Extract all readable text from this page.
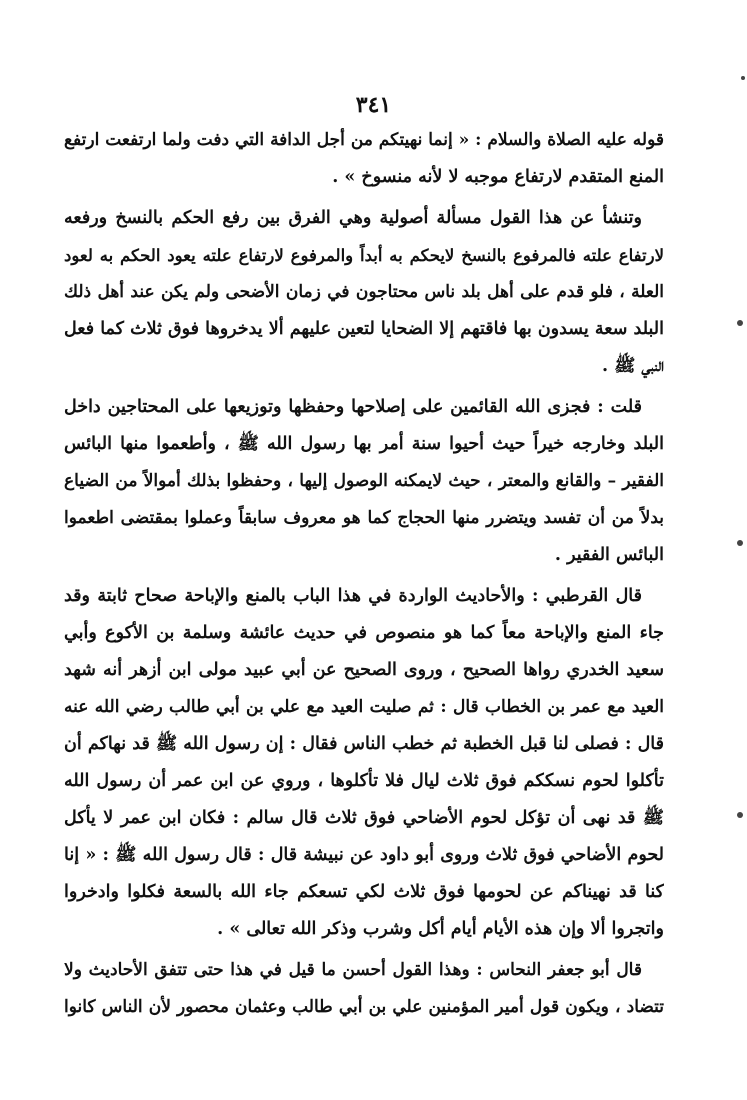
٣٤١

قوله عليه الصلاة والسلام : « إنما نهيتكم من أجل الدافة التي دفت ولما ارتفعت ارتفع
المنع المتقدم لارتفاع موجبه لا لأنه منسوخ » .

وتنشأ عن هذا القول مسألة أصولية وهي الفرق بين رفع الحكم بالنسخ ورفعه
لارتفاع علته فالمرفوع بالنسخ لايحكم به أبداً والمرفوع لارتفاع علته يعود الحكم به لعود
العلة ، فلو قدم على أهل بلد ناس محتاجون في زمان الأضحى ولم يكن عند أهل ذلك
البلد سعة يسدون بها فاقتهم إلا الضحايا لتعين عليهم ألا يدخروها فوق ثلاث كما فعل
النبي ﷺ .

قلت : فجزى الله القائمين على إصلاحها وحفظها وتوزيعها على المحتاجين داخل
البلد وخارجه خيراً حيث أحيوا سنة أمر بها رسول الله ﷺ ، وأطعموا منها البائس
الفقير – والقانع والمعتر ، حيث لايمكنه الوصول إليها ، وحفظوا بذلك أموالاً من الضياع
بدلاً من أن تفسد ويتضرر منها الحجاج كما هو معروف سابقاً وعملوا بمقتضى اطعموا
البائس الفقير .

قال القرطبي : والأحاديث الواردة في هذا الباب بالمنع والإباحة صحاح ثابتة وقد
جاء المنع والإباحة معاً كما هو منصوص في حديث عائشة وسلمة بن الأكوع وأبي
سعيد الخدري رواها الصحيح ، وروى الصحيح عن أبي عبيد مولى ابن أزهر أنه شهد
العيد مع عمر بن الخطاب قال : ثم صليت العيد مع علي بن أبي طالب رضي الله عنه
قال : فصلى لنا قبل الخطبة ثم خطب الناس فقال : إن رسول الله ﷺ قد نهاكم أن
تأكلوا لحوم نسككم فوق ثلاث ليال فلا تأكلوها ، وروي عن ابن عمر أن رسول الله
ﷺ قد نهى أن تؤكل لحوم الأضاحي فوق ثلاث قال سالم : فكان ابن عمر لا يأكل
لحوم الأضاحي فوق ثلاث وروى أبو داود عن نبيشة قال : قال رسول الله ﷺ : « إنا
كنا قد نهيناكم عن لحومها فوق ثلاث لكي تسعكم جاء الله بالسعة فكلوا وادخروا
واتجروا ألا وإن هذه الأيام أيام أكل وشرب وذكر الله تعالى » .

قال أبو جعفر النحاس : وهذا القول أحسن ما قيل في هذا حتى تتفق الأحاديث ولا
تتضاد ، ويكون قول أمير المؤمنين علي بن أبي طالب وعثمان محصور لأن الناس كانوا
